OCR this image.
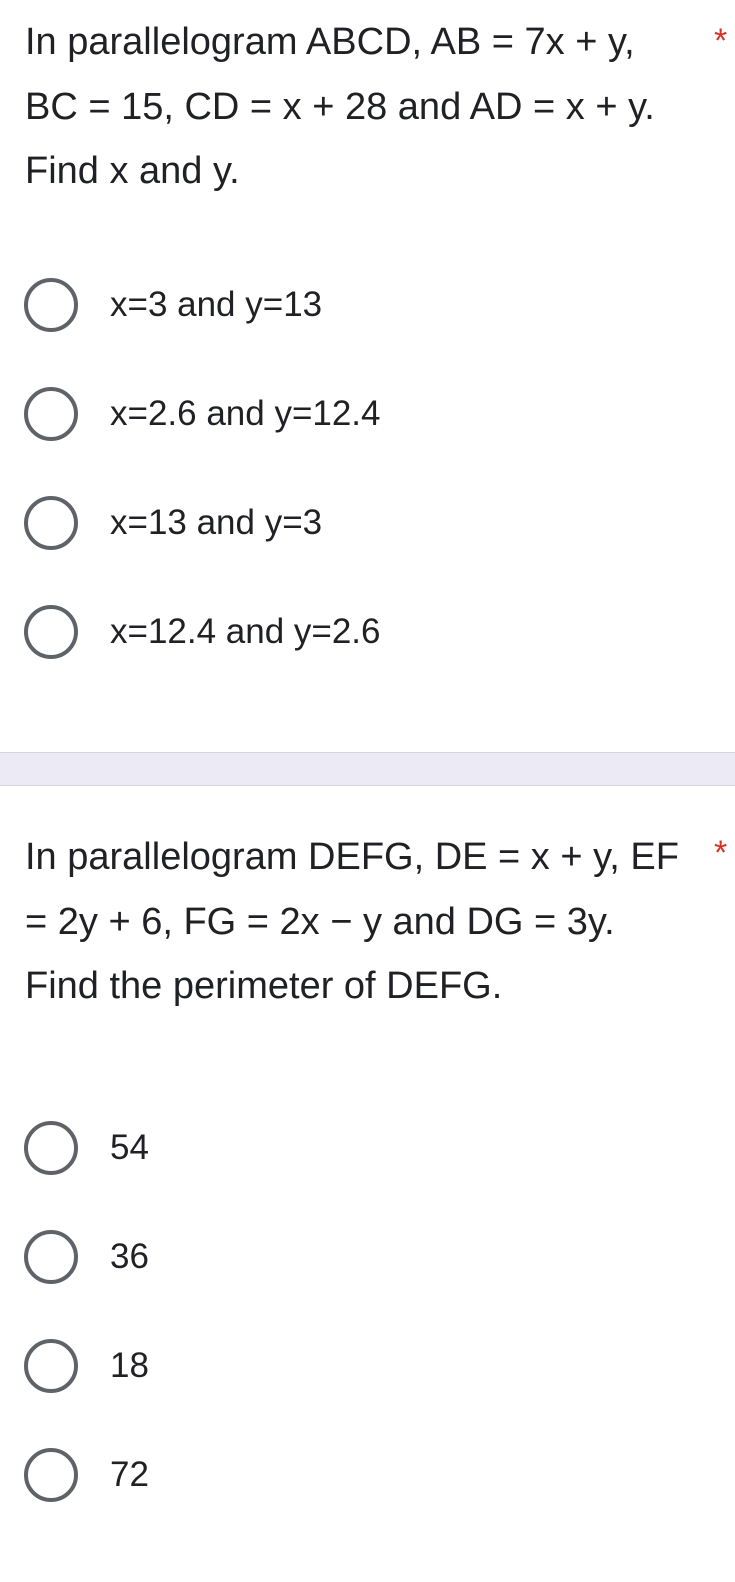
In parallelogram ABCD, AB = 7x + y, BC = 15, CD = x + 28 and AD = x + y. Find x and y.
*
x=3 and y=13
x=2.6 and y=12.4
x=13 and y=3
x=12.4 and y=2.6
In parallelogram DEFG, DE = x + y, EF = 2y + 6, FG = 2x − y and DG = 3y. Find the perimeter of DEFG.
*
54
36
18
72
